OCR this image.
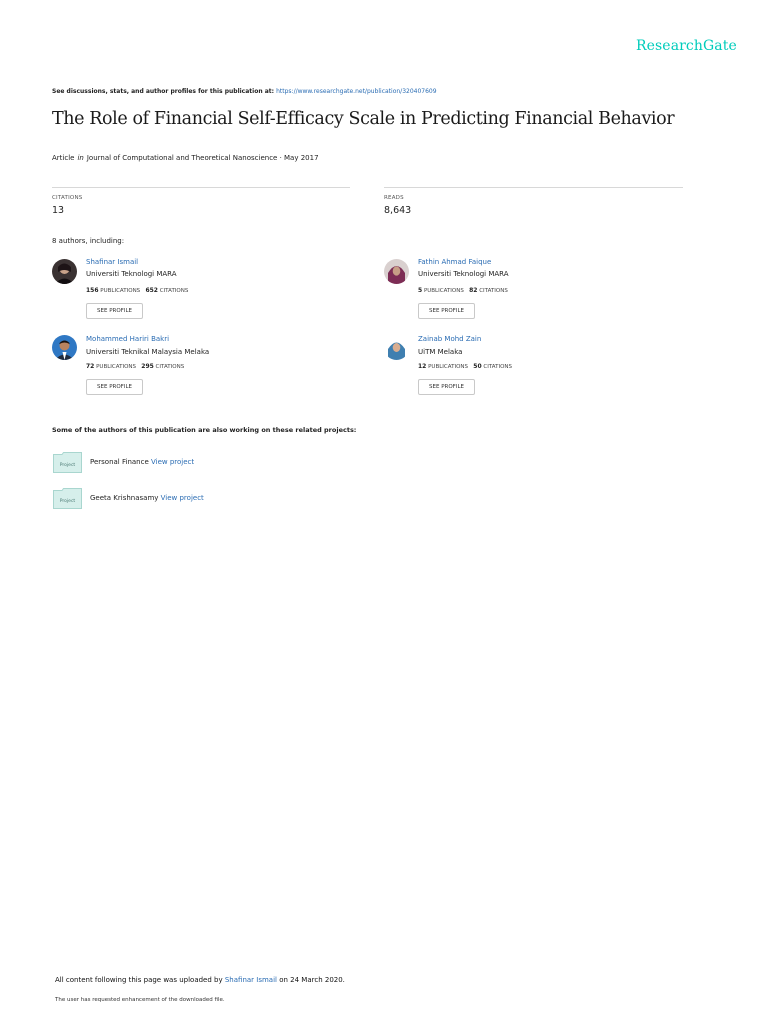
ResearchGate
See discussions, stats, and author profiles for this publication at: https://www.researchgate.net/publication/320407609
The Role of Financial Self-Efficacy Scale in Predicting Financial Behavior
Article in Journal of Computational and Theoretical Nanoscience · May 2017
CITATIONS
13
READS
8,643
8 authors, including:
Shafinar Ismail
Universiti Teknologi MARA
156 PUBLICATIONS 652 CITATIONS
SEE PROFILE
Fathin Ahmad Faique
Universiti Teknologi MARA
5 PUBLICATIONS 82 CITATIONS
SEE PROFILE
Mohammed Hariri Bakri
Universiti Teknikal Malaysia Melaka
72 PUBLICATIONS 295 CITATIONS
SEE PROFILE
Zainab Mohd Zain
UiTM Melaka
12 PUBLICATIONS 50 CITATIONS
SEE PROFILE
Some of the authors of this publication are also working on these related projects:
Project Personal Finance View project
Project Geeta Krishnasamy View project
All content following this page was uploaded by Shafinar Ismail on 24 March 2020.
The user has requested enhancement of the downloaded file.
